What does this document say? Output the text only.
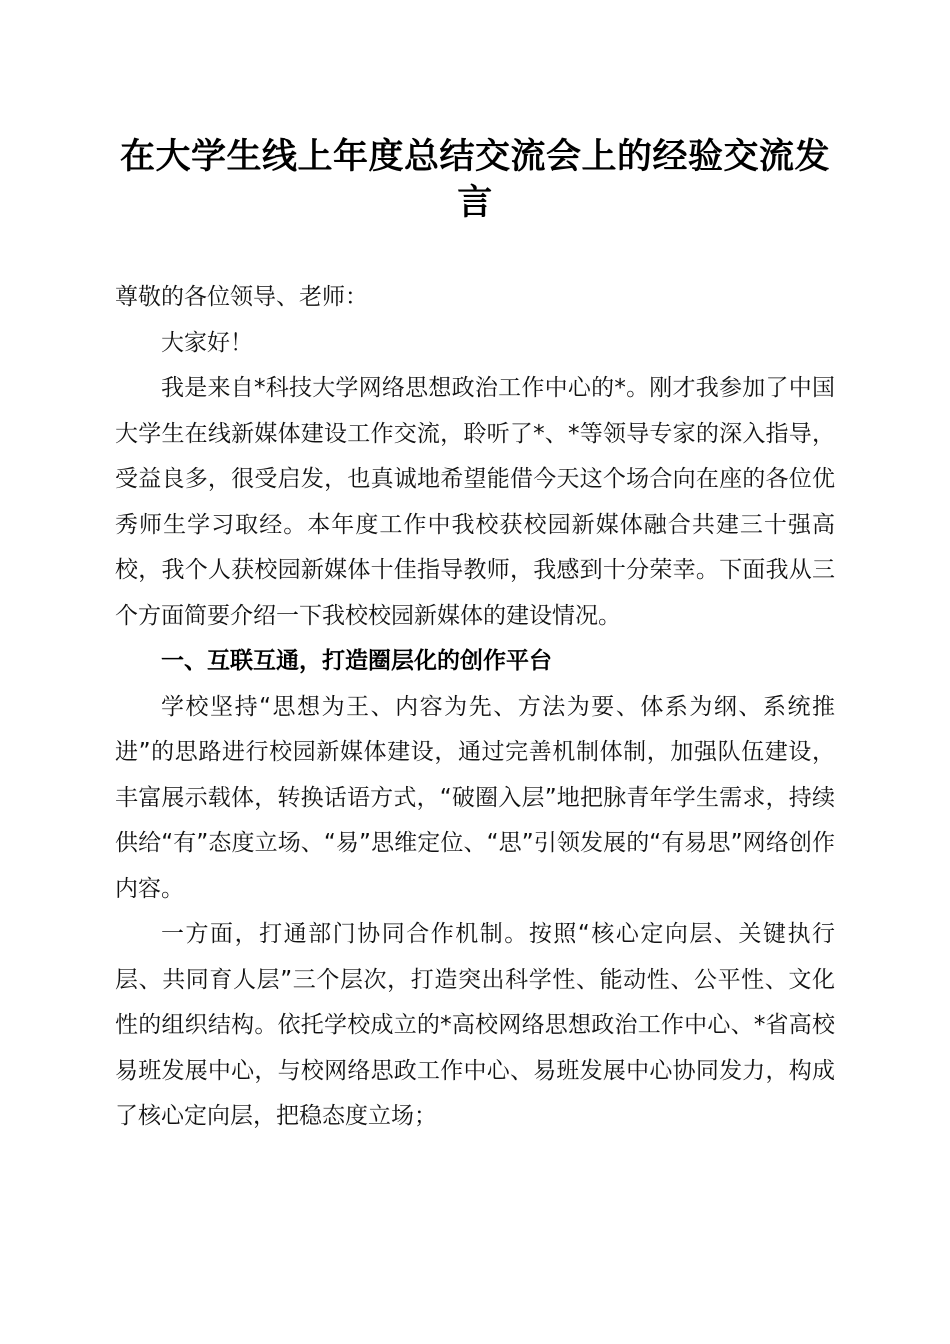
在大学生线上年度总结交流会上的经验交流发言

尊敬的各位领导、老师：

大家好！

我是来自*科技大学网络思想政治工作中心的*。刚才我参加了中国大学生在线新媒体建设工作交流，聆听了*、*等领导专家的深入指导，受益良多，很受启发，也真诚地希望能借今天这个场合向在座的各位优秀师生学习取经。本年度工作中我校获校园新媒体融合共建三十强高校，我个人获校园新媒体十佳指导教师，我感到十分荣幸。下面我从三个方面简要介绍一下我校校园新媒体的建设情况。

一、互联互通，打造圈层化的创作平台

学校坚持“思想为王、内容为先、方法为要、体系为纲、系统推进”的思路进行校园新媒体建设，通过完善机制体制，加强队伍建设，丰富展示载体，转换话语方式，“破圈入层”地把脉青年学生需求，持续供给“有”态度立场、“易”思维定位、“思”引领发展的“有易思”网络创作内容。

一方面，打通部门协同合作机制。按照“核心定向层、关键执行层、共同育人层”三个层次，打造突出科学性、能动性、公平性、文化性的组织结构。依托学校成立的*高校网络思想政治工作中心、*省高校易班发展中心，与校网络思政工作中心、易班发展中心协同发力，构成了核心定向层，把稳态度立场；
